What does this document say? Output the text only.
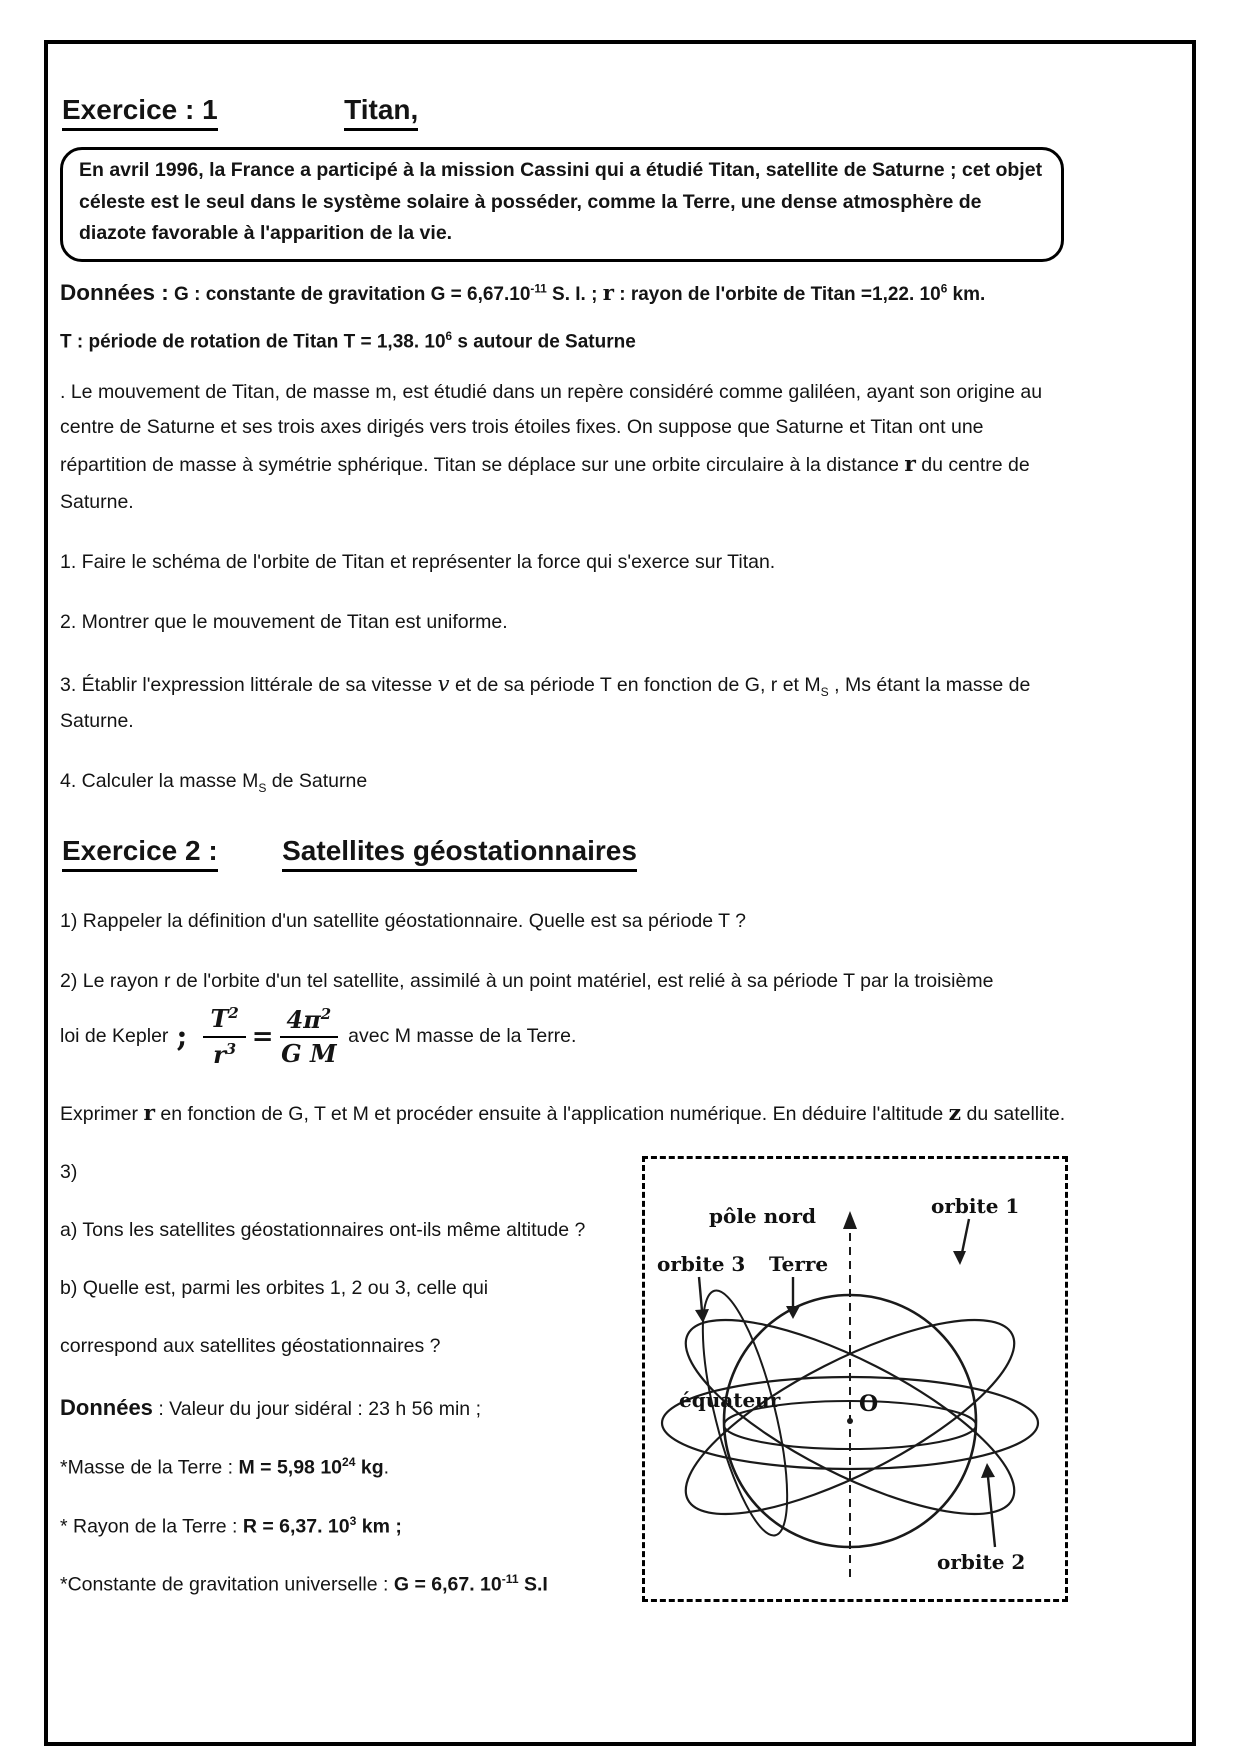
Exercice : 1	Titan,

En avril 1996, la France a participé à la mission Cassini qui a étudié Titan, satellite de Saturne ; cet objet céleste est le seul dans le système solaire à posséder, comme la Terre, une dense atmosphère de diazote favorable à l'apparition de la vie.

Données : G : constante de gravitation $G = 6,67.10^{-11}$ S. I. ; r : rayon de l'orbite de Titan =1,22. $10^6$ km.

T : période de rotation de Titan T = 1,38. $10^6$ s autour de Saturne

. Le mouvement de Titan, de masse m, est étudié dans un repère considéré comme galiléen, ayant son origine au centre de Saturne et ses trois axes dirigés vers trois étoiles fixes. On suppose que Saturne et Titan ont une répartition de masse à symétrie sphérique. Titan se déplace sur une orbite circulaire à la distance r du centre de Saturne.

1. Faire le schéma de l'orbite de Titan et représenter la force qui s'exerce sur Titan.

2. Montrer que le mouvement de Titan est uniforme.

3. Établir l'expression littérale de sa vitesse v et de sa période T en fonction de G, r et $M_S$ , Ms étant la masse de Saturne.

4. Calculer la masse $M_S$ de Saturne

Exercice 2 : Satellites géostationnaires

1) Rappeler la définition d'un satellite géostationnaire. Quelle est sa période T ?

2) Le rayon r de l'orbite d'un tel satellite, assimilé à un point matériel, est relié à sa période T par la troisième

loi de Kepler ; $\frac{T^2}{r^3} = \frac{4\pi^2}{\text{G M}}$ avec M masse de la Terre.

Exprimer r en fonction de G, T et M et procéder ensuite à l'application numérique. En déduire l'altitude z du satellite.

3)

a) Tons les satellites géostationnaires ont-ils même altitude ?

b) Quelle est, parmi les orbites 1, 2 ou 3, celle qui

correspond aux satellites géostationnaires ?

Données : Valeur du jour sidéral : 23 h 56 min ;

*Masse de la Terre : M = 5,98 $10^{24}$ kg.

* Rayon de la Terre : R = 6,37. $10^3$ km ;

*Constante de gravitation universelle : G = 6,67. $10^{-11}$ S.I

pôle nord	orbite 1
orbite 3 Terre
équateur	O
orbite 2
